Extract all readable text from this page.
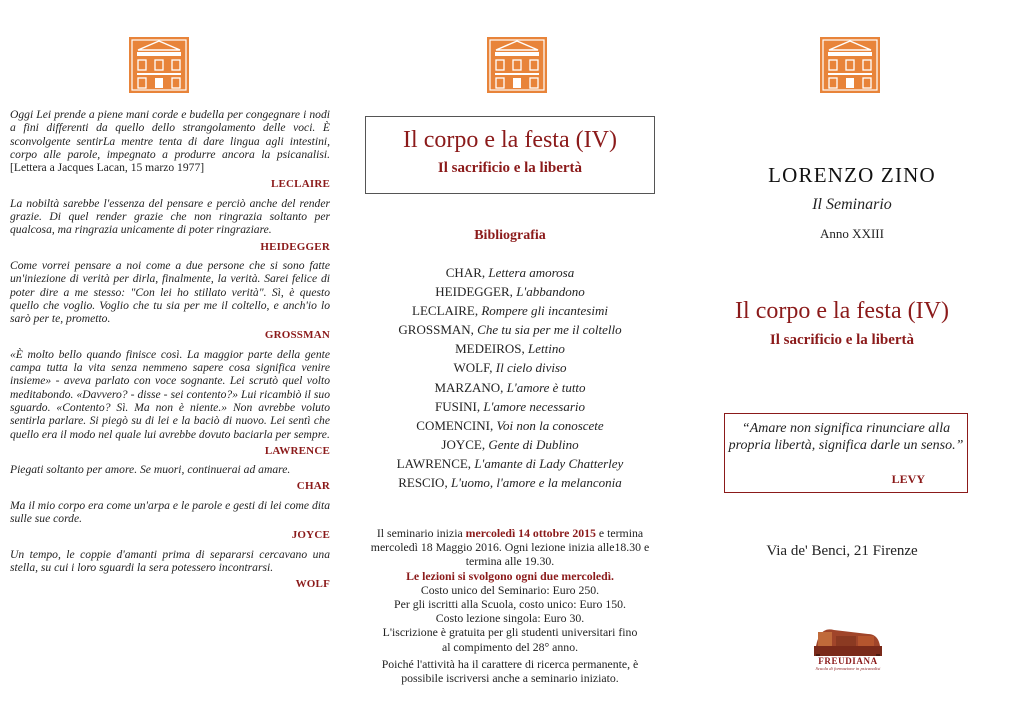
Oggi Lei prende a piene mani corde e budella per congegnare i nodi a fini differenti da quello dello strangolamento delle voci. È sconvolgente sentirLa mentre tenta di dare lingua agli intestini, corpo alle parole, impegnato a produrre ancora la psicanalisi. [Lettera a Jacques Lacan, 15 marzo 1977]

LECLAIRE

La nobiltà sarebbe l'essenza del pensare e perciò anche del render grazie. Di quel render grazie che non ringrazia soltanto per qualcosa, ma ringrazia unicamente di poter ringraziare.

HEIDEGGER

Come vorrei pensare a noi come a due persone che si sono fatte un'iniezione di verità per dirla, finalmente, la verità. Sarei felice di poter dire a me stesso: "Con lei ho stillato verità". Sì, è questo quello che voglio. Voglio che tu sia per me il coltello, e anch'io lo sarò per te, prometto.

GROSSMAN

«È molto bello quando finisce così. La maggior parte della gente campa tutta la vita senza nemmeno sapere cosa significa venire insieme» - aveva parlato con voce sognante. Lei scrutò quel volto meditabondo. «Davvero? - disse - sei contento?» Lui ricambiò il suo sguardo. «Contento? Sì. Ma non è niente.» Non avrebbe voluto sentirla parlare. Si piegò su di lei e la baciò di nuovo. Lei sentì che quello era il modo nel quale lui avrebbe dovuto baciarla per sempre.

LAWRENCE

Piegati soltanto per amore. Se muori, continuerai ad amare.

CHAR

Ma il mio corpo era come un'arpa e le parole e gesti di lei come dita sulle sue corde.

JOYCE

Un tempo, le coppie d'amanti prima di separarsi cercavano una stella, su cui i loro sguardi la sera potessero incontrarsi.

WOLF
Il corpo e la festa (IV)
Il sacrificio e la libertà
Bibliografia
CHAR, Lettera amorosa
HEIDEGGER, L'abbandono
LECLAIRE, Rompere gli incantesimi
GROSSMAN, Che tu sia per me il coltello
MEDEIROS, Lettino
WOLF, Il cielo diviso
MARZANO, L'amore è tutto
FUSINI, L'amore necessario
COMENCINI, Voi non la conoscete
JOYCE, Gente di Dublino
LAWRENCE, L'amante di Lady Chatterley
RESCIO, L'uomo, l'amore e la melanconia

Il seminario inizia mercoledì 14 ottobre 2015 e termina mercoledì 18 Maggio 2016. Ogni lezione inizia alle18.30 e termina alle 19.30.

Le lezioni si svolgono ogni due mercoledì.

Costo unico del Seminario: Euro 250.

Per gli iscritti alla Scuola, costo unico: Euro 150.

Costo lezione singola: Euro 30.

L'iscrizione è gratuita per gli studenti universitari fino al compimento del 28° anno.

Poiché l'attività ha il carattere di ricerca permanente, è possibile iscriversi anche a seminario iniziato.

LORENZO ZINO
Il Seminario
Anno XXIII
Il corpo e la festa (IV)
Il sacrificio e la libertà
“Amare non significa rinunciare alla propria libertà, significa darle un senso.”
LEVY
Via de' Benci, 21 Firenze
FREUDIANA
Scuola di formazione in psicanalisi
